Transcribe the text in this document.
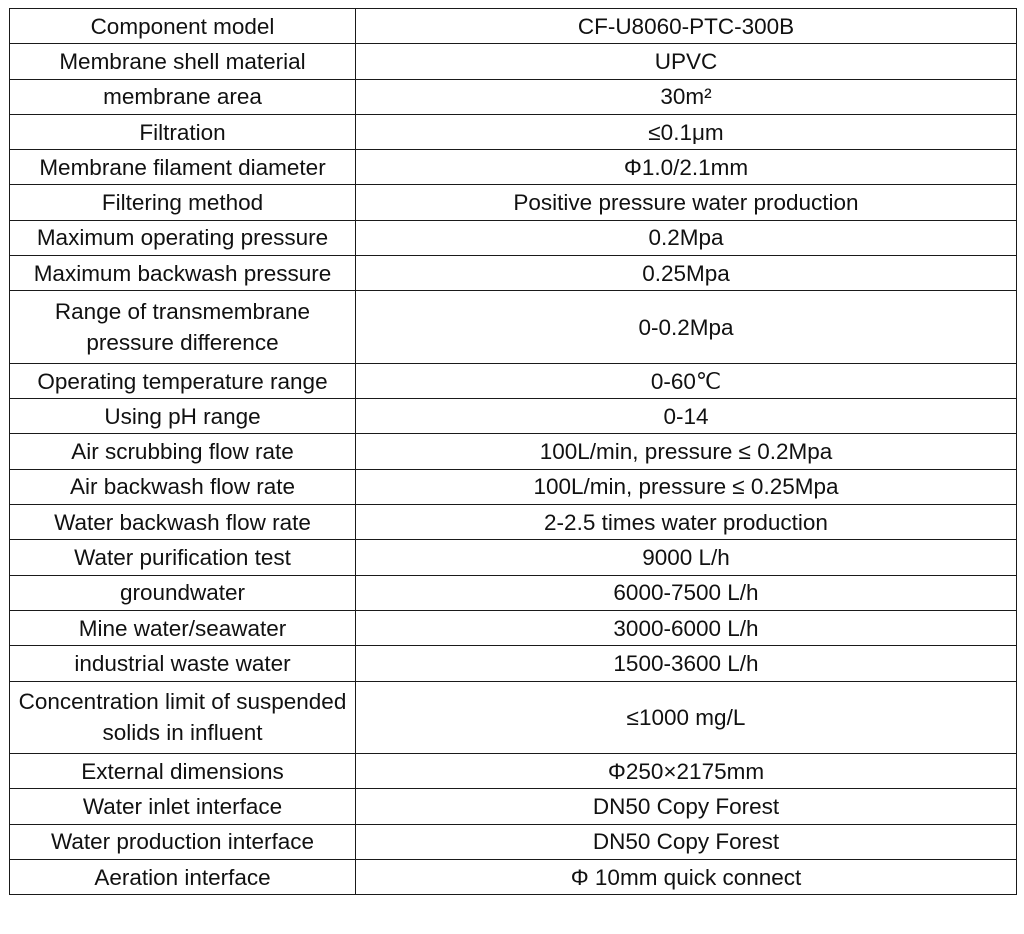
Component model	CF-U8060-PTC-300B
Membrane shell material	UPVC
membrane area	30m²
Filtration	≤0.1μm
Membrane filament diameter	Φ1.0/2.1mm
Filtering method	Positive pressure water production
Maximum operating pressure	0.2Mpa
Maximum backwash pressure	0.25Mpa
Range of transmembrane pressure difference	0-0.2Mpa
Operating temperature range	0-60℃
Using pH range	0-14
Air scrubbing flow rate	100L/min, pressure ≤ 0.2Mpa
Air backwash flow rate	100L/min, pressure ≤ 0.25Mpa
Water backwash flow rate	2-2.5 times water production
Water purification test	9000 L/h
groundwater	6000-7500 L/h
Mine water/seawater	3000-6000 L/h
industrial waste water	1500-3600 L/h
Concentration limit of suspended solids in influent	≤1000 mg/L
External dimensions	Φ250×2175mm
Water inlet interface	DN50 Copy Forest
Water production interface	DN50 Copy Forest
Aeration interface	Φ 10mm quick connect
